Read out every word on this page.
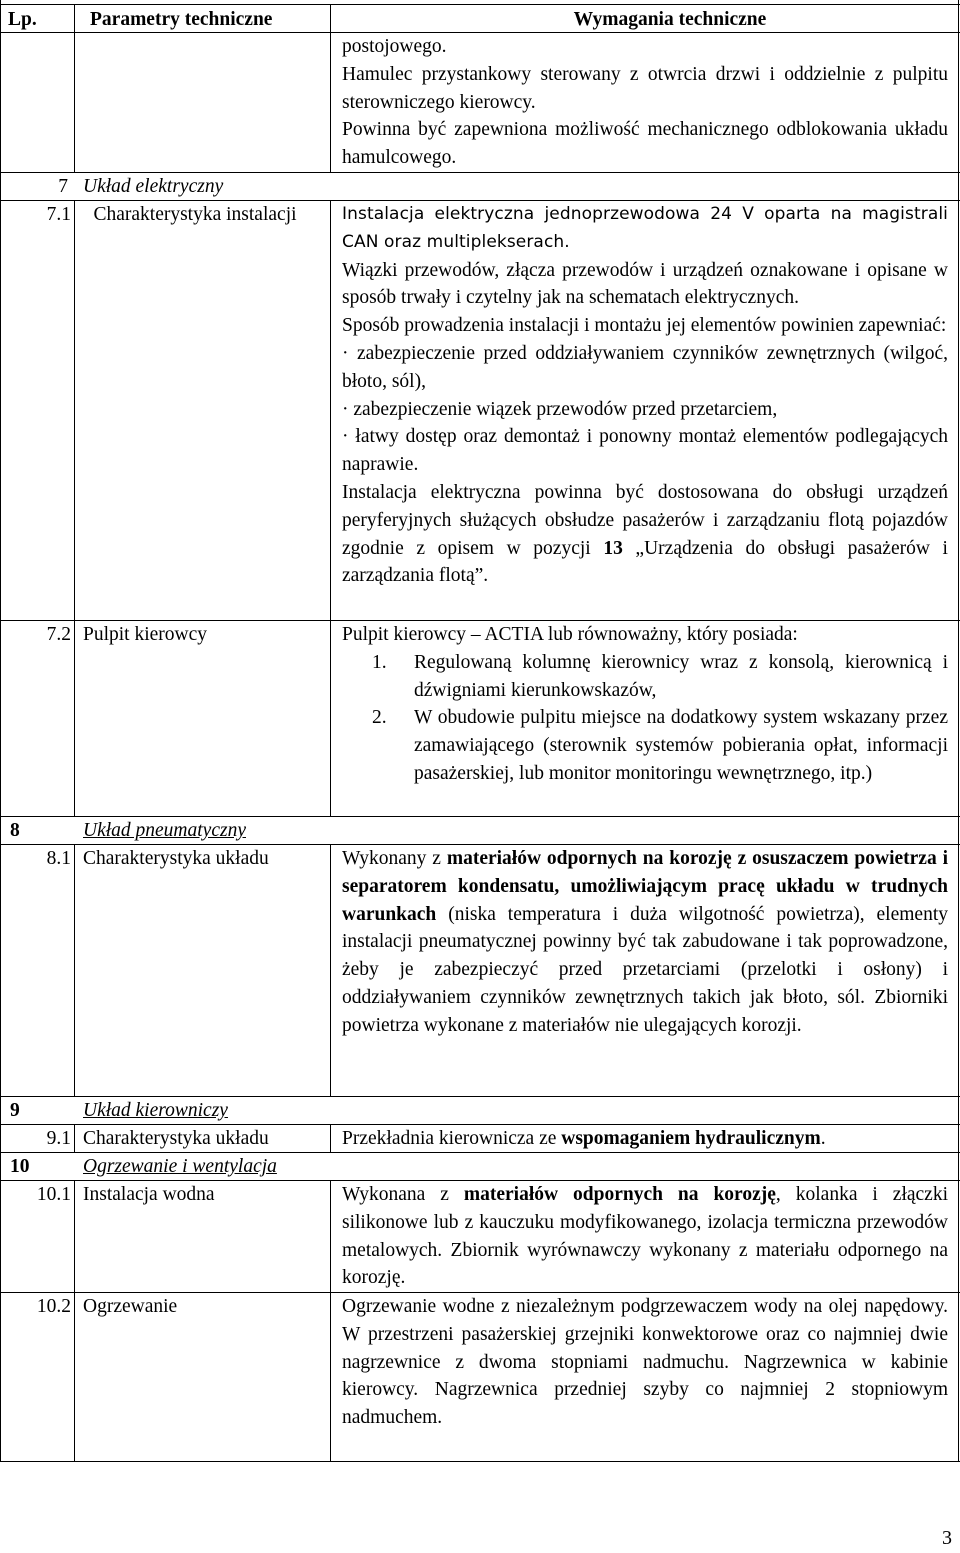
Lp.	Parametry techniczne	Wymagania techniczne

postojowego.

Hamulec przystankowy sterowany z otwrcia drzwi i oddzielnie z pulpitu sterowniczego kierowcy.

Powinna być zapewniona możliwość mechanicznego odblokowania układu hamulcowego.

7 Układ elektryczny
7.1	Charakterystyka instalacji	Instalacja elektryczna jednoprzewodowa 24 V oparta na magistrali CAN oraz multiplekserach.

Wiązki przewodów, złącza przewodów i urządzeń oznakowane i opisane w sposób trwały i czytelny jak na schematach elektrycznych.

Sposób prowadzenia instalacji i montażu jej elementów powinien zapewniać:

· zabezpieczenie przed oddziaływaniem czynników zewnętrznych (wilgoć, błoto, sól),

· zabezpieczenie wiązek przewodów przed przetarciem,

· łatwy dostęp oraz demontaż i ponowny montaż elementów podlegających naprawie.

Instalacja elektryczna powinna być dostosowana do obsługi urządzeń peryferyjnych służących obsłudze pasażerów i zarządzaniu flotą pojazdów zgodnie z opisem w pozycji 13 „Urządzenia do obsługi pasażerów i zarządzania flotą”.

7.2 Pulpit kierowcy	Pulpit kierowcy – ACTIA lub równoważny, który posiada:

1. Regulowaną kolumnę kierownicy wraz z konsolą, kierownicą i dźwigniami kierunkowskazów,
2. W obudowie pulpitu miejsce na dodatkowy system wskazany przez zamawiającego (sterownik systemów pobierania opłat, informacji pasażerskiej, lub monitor monitoringu wewnętrznego, itp.)
8	Układ pneumatyczny
8.1 Charakterystyka układu	Wykonany z materiałów odpornych na korozję z osuszaczem powietrza i separatorem kondensatu, umożliwiającym pracę układu w trudnych warunkach (niska temperatura i duża wilgotność powietrza), elementy instalacji pneumatycznej powinny być tak zabudowane i tak poprowadzone, żeby je zabezpieczyć przed przetarciami (przelotki i osłony) i oddziaływaniem czynników zewnętrznych takich jak błoto, sól. Zbiorniki powietrza wykonane z materiałów nie ulegających korozji.

9	Układ kierowniczy
9.1 Charakterystyka układu	Przekładnia kierownicza ze wspomaganiem hydraulicznym.

10	Ogrzewanie i wentylacja
10.1 Instalacja wodna	Wykonana z materiałów odpornych na korozję, kolanka i złączki silikonowe lub z kauczuku modyfikowanego, izolacja termiczna przewodów metalowych. Zbiornik wyrównawczy wykonany z materiału odpornego na korozję.

10.2 Ogrzewanie	Ogrzewanie wodne z niezależnym podgrzewaczem wody na olej napędowy. W przestrzeni pasażerskiej grzejniki konwektorowe oraz co najmniej dwie nagrzewnice z dwoma stopniami nadmuchu. Nagrzewnica w kabinie kierowcy. Nagrzewnica przedniej szyby co najmniej 2 stopniowym nadmuchem.

3
